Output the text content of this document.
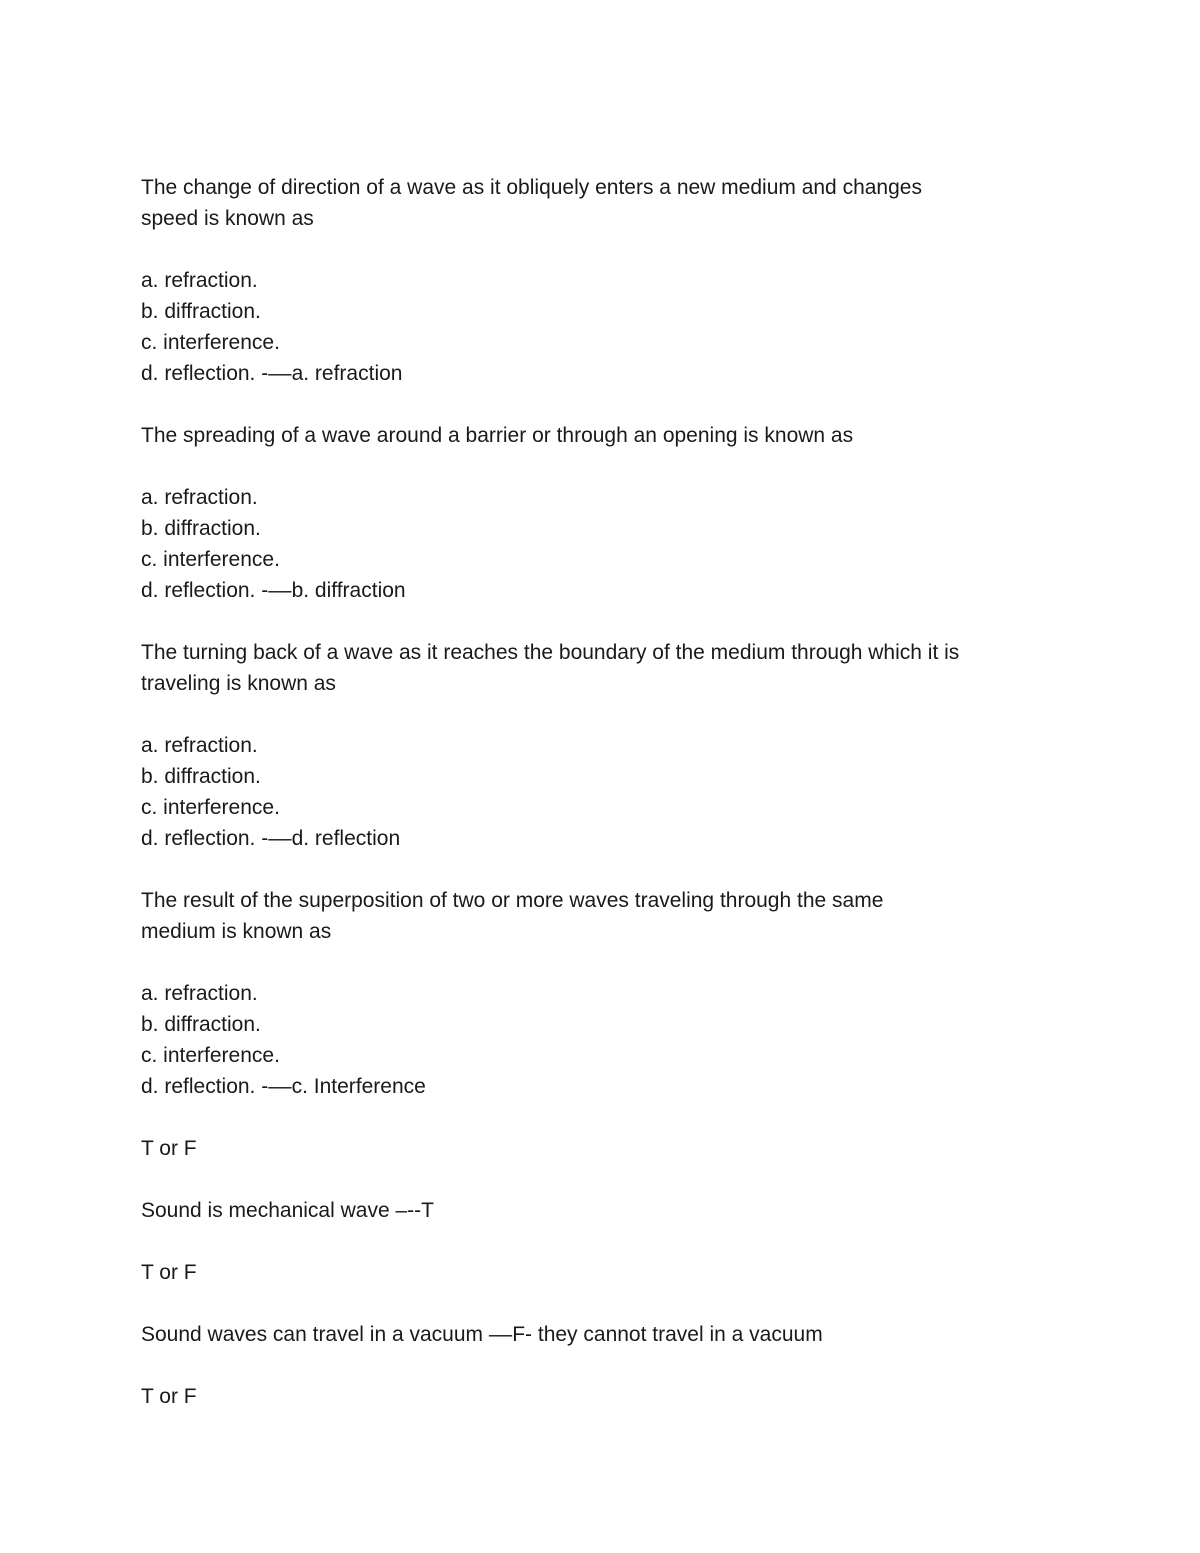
The change of direction of a wave as it obliquely enters a new medium and changes
speed is known as
a. refraction.
b. diffraction.
c. interference.
d. reflection. -––a. refraction
The spreading of a wave around a barrier or through an opening is known as
a. refraction.
b. diffraction.
c. interference.
d. reflection. -––b. diffraction
The turning back of a wave as it reaches the boundary of the medium through which it is
traveling is known as
a. refraction.
b. diffraction.
c. interference.
d. reflection. -––d. reflection
The result of the superposition of two or more waves traveling through the same
medium is known as
a. refraction.
b. diffraction.
c. interference.
d. reflection. -––c. Interference
T or F
Sound is mechanical wave –--T
T or F
Sound waves can travel in a vacuum ––F- they cannot travel in a vacuum
T or F
